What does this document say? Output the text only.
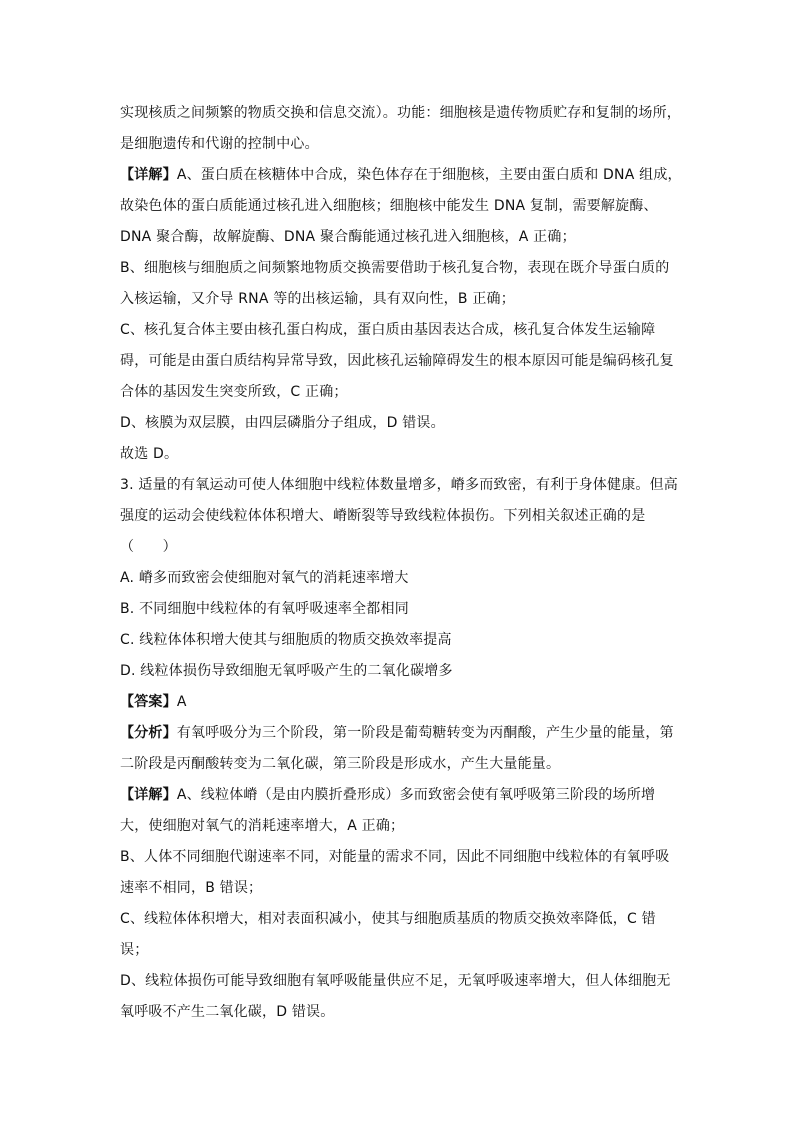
实现核质之间频繁的物质交换和信息交流）。功能：细胞核是遗传物质贮存和复制的场所，
是细胞遗传和代谢的控制中心。
【详解】A、蛋白质在核糖体中合成，染色体存在于细胞核，主要由蛋白质和 DNA 组成，
故染色体的蛋白质能通过核孔进入细胞核；细胞核中能发生 DNA 复制，需要解旋酶、
DNA 聚合酶，故解旋酶、DNA 聚合酶能通过核孔进入细胞核，A 正确；
B、细胞核与细胞质之间频繁地物质交换需要借助于核孔复合物，表现在既介导蛋白质的
入核运输，又介导 RNA 等的出核运输，具有双向性，B 正确；
C、核孔复合体主要由核孔蛋白构成，蛋白质由基因表达合成，核孔复合体发生运输障
碍，可能是由蛋白质结构异常导致，因此核孔运输障碍发生的根本原因可能是编码核孔复
合体的基因发生突变所致，C 正确；
D、核膜为双层膜，由四层磷脂分子组成，D 错误。
故选 D。
3. 适量的有氧运动可使人体细胞中线粒体数量增多，嵴多而致密，有利于身体健康。但高
强度的运动会使线粒体体积增大、嵴断裂等导致线粒体损伤。下列相关叙述正确的是
（　　）
A. 嵴多而致密会使细胞对氧气的消耗速率增大
B. 不同细胞中线粒体的有氧呼吸速率全都相同
C. 线粒体体积增大使其与细胞质的物质交换效率提高
D. 线粒体损伤导致细胞无氧呼吸产生的二氧化碳增多
【答案】A
【分析】有氧呼吸分为三个阶段，第一阶段是葡萄糖转变为丙酮酸，产生少量的能量，第
二阶段是丙酮酸转变为二氧化碳，第三阶段是形成水，产生大量能量。
【详解】A、线粒体嵴（是由内膜折叠形成）多而致密会使有氧呼吸第三阶段的场所增
大，使细胞对氧气的消耗速率增大，A 正确；
B、人体不同细胞代谢速率不同，对能量的需求不同，因此不同细胞中线粒体的有氧呼吸
速率不相同，B 错误；
C、线粒体体积增大，相对表面积减小，使其与细胞质基质的物质交换效率降低，C 错
误；
D、线粒体损伤可能导致细胞有氧呼吸能量供应不足，无氧呼吸速率增大，但人体细胞无
氧呼吸不产生二氧化碳，D 错误。
